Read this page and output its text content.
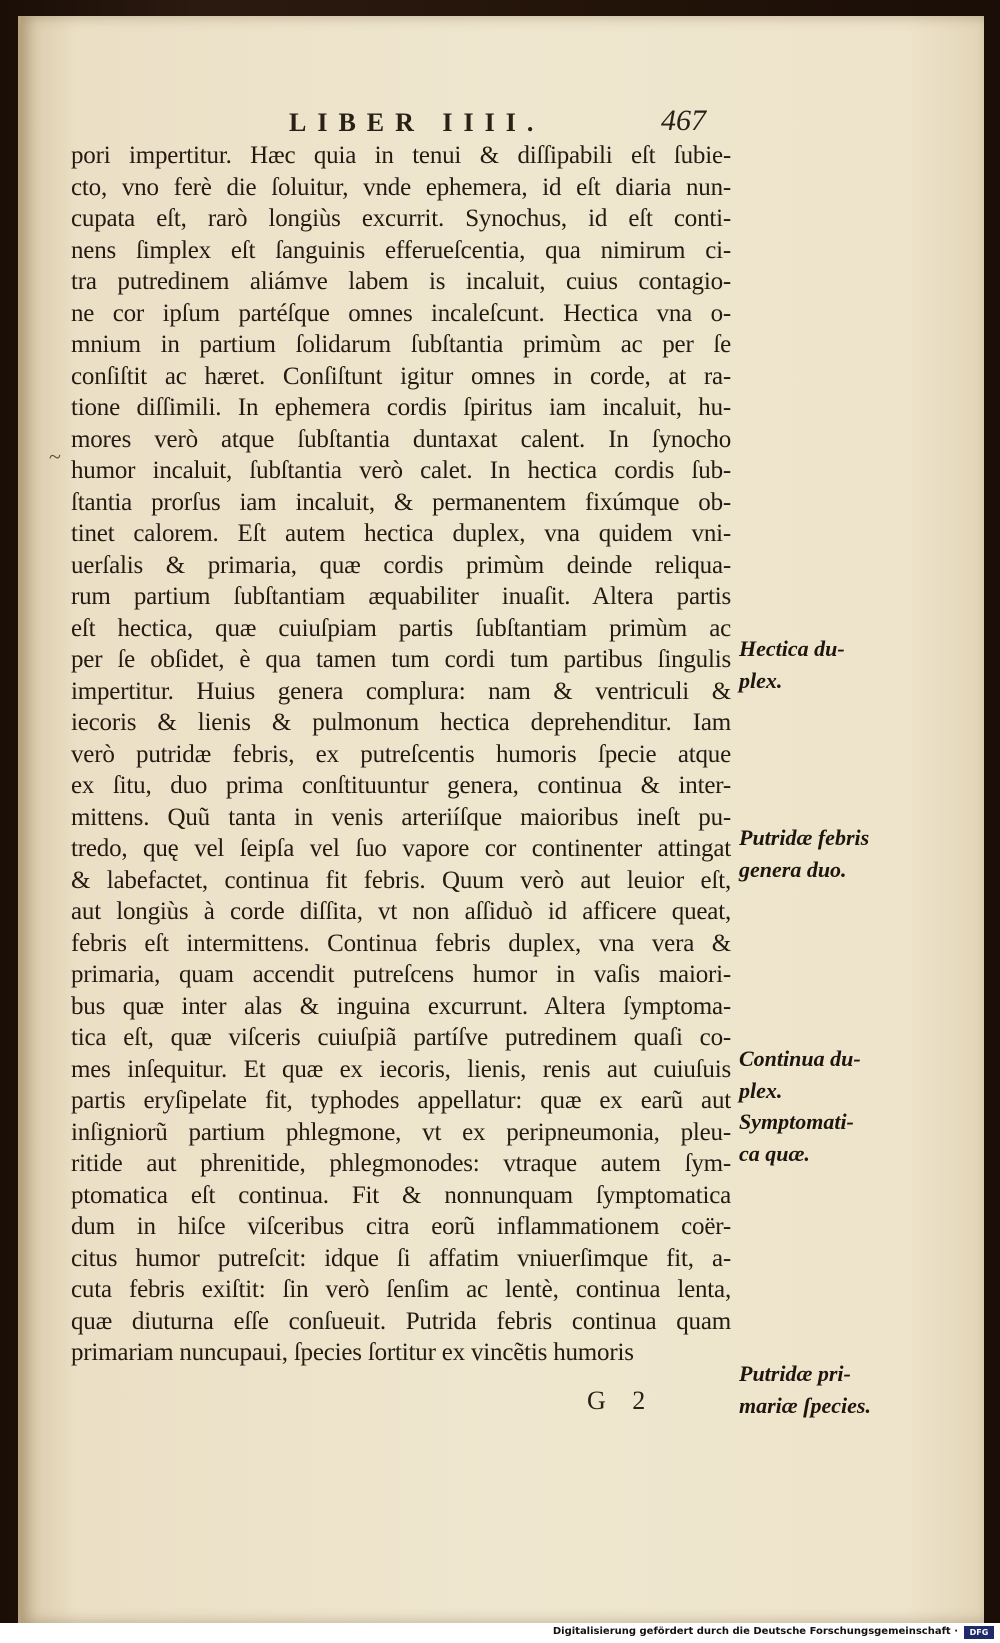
LIBER IIII.	467
~
pori impertitur. Hæc quia in tenui & diſſipabili eſt ſubie-
cto, vno ferè die ſoluitur, vnde ephemera, id eſt diaria nun-
cupata eſt, rarò longiùs excurrit. Synochus, id eſt conti-
nens ſimplex eſt ſanguinis efferueſcentia, qua nimirum ci-
tra putredinem aliámve labem is incaluit, cuius contagio-
ne cor ipſum partéſque omnes incaleſcunt. Hectica vna o-
mnium in partium ſolidarum ſubſtantia primùm ac per ſe
conſiſtit ac hæret. Conſiſtunt igitur omnes in corde, at ra-
tione diſſimili. In ephemera cordis ſpiritus iam incaluit, hu-
mores verò atque ſubſtantia duntaxat calent. In ſynocho
humor incaluit, ſubſtantia verò calet. In hectica cordis ſub-
ſtantia prorſus iam incaluit, & permanentem fixúmque ob-
tinet calorem. Eſt autem hectica duplex, vna quidem vni-
uerſalis & primaria, quæ cordis primùm deinde reliqua-
rum partium ſubſtantiam æquabiliter inuaſit. Altera partis
eſt hectica, quæ cuiuſpiam partis ſubſtantiam primùm ac
per ſe obſidet, è qua tamen tum cordi tum partibus ſingulis
impertitur. Huius genera complura: nam & ventriculi &
iecoris & lienis & pulmonum hectica deprehenditur. Iam
verò putridæ febris, ex putreſcentis humoris ſpecie atque
ex ſitu, duo prima conſtituuntur genera, continua & inter-
mittens. Quũ tanta in venis arteriíſque maioribus ineſt pu-
tredo, quę vel ſeipſa vel ſuo vapore cor continenter attingat
& labefactet, continua fit febris. Quum verò aut leuior eſt,
aut longiùs à corde diſſita, vt non aſſiduò id afficere queat,
febris eſt intermittens. Continua febris duplex, vna vera &
primaria, quam accendit putreſcens humor in vaſis maiori-
bus quæ inter alas & inguina excurrunt. Altera ſymptoma-
tica eſt, quæ viſceris cuiuſpiã partíſve putredinem quaſi co-
mes inſequitur. Et quæ ex iecoris, lienis, renis aut cuiuſuis
partis eryſipelate fit, typhodes appellatur: quæ ex earũ aut
inſigniorũ partium phlegmone, vt ex peripneumonia, pleu-
ritide aut phrenitide, phlegmonodes: vtraque autem ſym-
ptomatica eſt continua. Fit & nonnunquam ſymptomatica
dum in hiſce viſceribus citra eorũ inflammationem coër-
citus humor putreſcit: idque ſi affatim vniuerſimque fit, a-
cuta febris exiſtit: ſin verò ſenſim ac lentè, continua lenta,
quæ diuturna eſſe conſueuit. Putrida febris continua quam
primariam nuncupaui, ſpecies ſortitur ex vincẽtis humoris
Hectica du-
plex.
Putridæ febris
genera duo.
Continua du-
plex.
Symptomati-
ca quæ.
Putridæ pri-
mariæ ſpecies.
G 2
Digitalisierung gefördert durch die Deutsche Forschungsgemeinschaft ·	DFG
